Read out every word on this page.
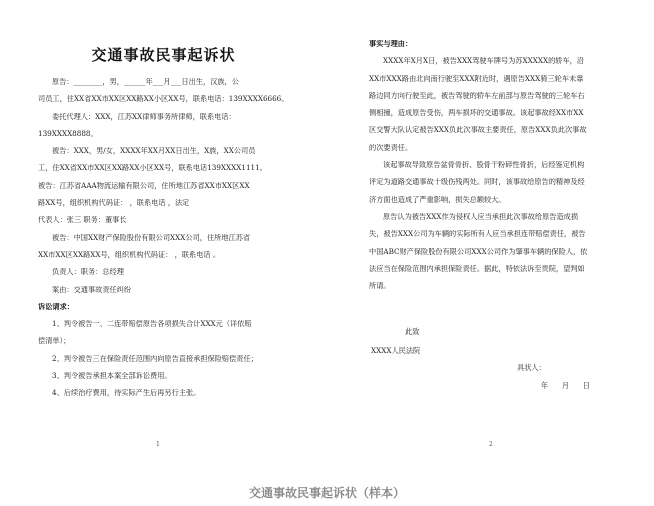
交通事故民事起诉状
原告：________，男，______年___月___日出生，汉族，公
司员工，住XX省XX市XX区XX路XX小区XX号，联系电话：139XXXX6666。
委托代理人：XXX，江苏XX律师事务所律师，联系电话：
139XXXX8888。
被告：XXX，男/女，XXXX年XX月XX日出生，X族，XX公司员
工，住XX省XX市XX区XX路XX小区XX号，联系电话139XXXX1111。
被告：江苏省AAA物流运输有限公司，住所地江苏省XX市XX区XX
路XX号，组织机构代码证： ，联系电话 ，法定
代表人：张三 职务：董事长
被告：中国XX财产保险股份有限公司XXX公司，住所地江苏省
XX市XX区XX路XX号，组织机构代码证： ，联系电话 。
负责人：职务：总经理
案由：交通事故责任纠纷
诉讼请求：
1、判令被告一、二连带赔偿原告各项损失合计XXX元（详依赔
偿清单）；
2、判令被告三在保险责任范围内向原告直接承担保险赔偿责任；
3、判令被告承担本案全部诉讼费用。
4、后续治疗费用，待实际产生后再另行主张。
1
事实与理由：
XXXX年X月X日，被告XXX驾驶车牌号为苏XXXXX的轿车，沿
XX市XXX路由北向南行驶至XXX附近时，遇原告XXX骑三轮车未靠
路边同方向行驶至此，被告驾驶的轿车左前部与原告驾驶的三轮车右
侧相撞，造成原告受伤，两车损坏的交通事故。该起事故经XX市XX
区交警大队认定被告XXX负此次事故主要责任，原告XXX负此次事故
的次要责任。
该起事故导致原告盆骨骨折、股骨干粉碎性骨折，后经鉴定机构
评定为道路交通事故十级伤残两处。同时，该事故给原告的精神及经
济方面也造成了严重影响，损失总额较大。
原告认为被告XXX作为侵权人应当承担此次事故给原告造成损
失，被告XXX公司为车辆的实际所有人应当承担连带赔偿责任，被告
中国ABC财产保险股份有限公司XXX公司作为肇事车辆的保险人，依
法应当在保险范围内承担保险责任。据此，特依法诉至贵院，望判如
所请。
此致
XXXX人民法院
具状人：
年      月      日
2
交通事故民事起诉状（样本）
